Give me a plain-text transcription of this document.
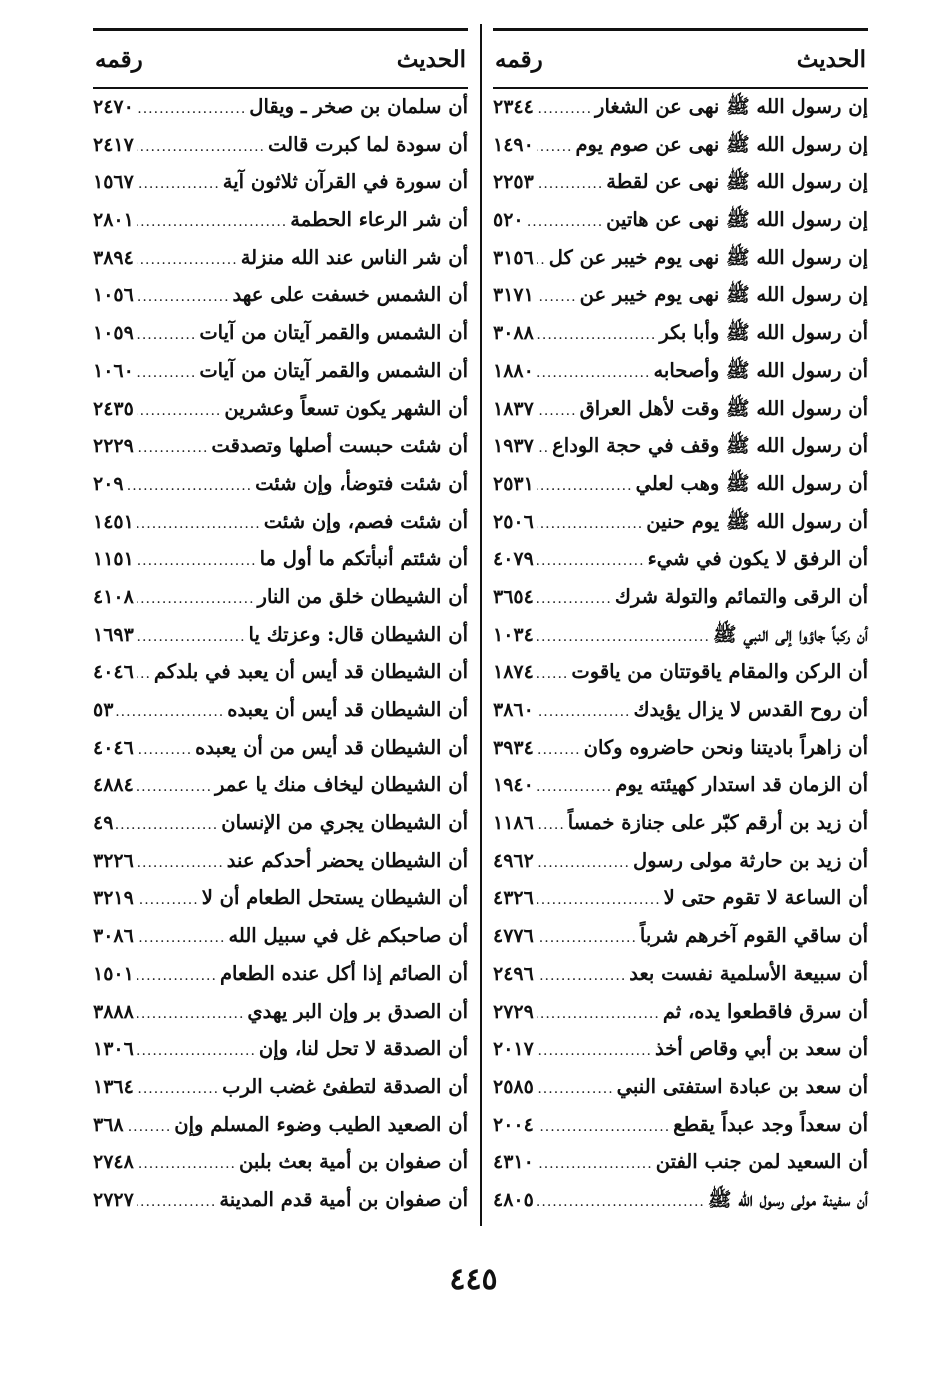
الحديث
رقمه
إن رسول الله ﷺ نهى عن الشغار
.....
٢٣٤٤
إن رسول الله ﷺ نهى عن صوم يوم
.....
١٤٩٠
إن رسول الله ﷺ نهى عن لقطة
.....
٢٢٥٣
إن رسول الله ﷺ نهى عن هاتين
.....
٥٢٠
إن رسول الله ﷺ نهى يوم خيبر عن كل
.....
٣١٥٦
إن رسول الله ﷺ نهى يوم خيبر عن
.....
٣١٧١
أن رسول الله ﷺ وأبا بكر
.....
٣٠٨٨
أن رسول الله ﷺ وأصحابه
.....
١٨٨٠
أن رسول الله ﷺ وقت لأهل العراق
.....
١٨٣٧
أن رسول الله ﷺ وقف في حجة الوداع
.....
١٩٣٧
أن رسول الله ﷺ وهب لعلي
.....
٢٥٣١
أن رسول الله ﷺ يوم حنين
.....
٢٥٠٦
أن الرفق لا يكون في شيء
.....
٤٠٧٩
أن الرقى والتمائم والتولة شرك
.....
٣٦٥٤
أن ركباً جاؤوا إلى النبي ﷺ
.....
١٠٣٤
أن الركن والمقام ياقوتتان من ياقوت
.....
١٨٧٤
أن روح القدس لا يزال يؤيدك
.....
٣٨٦٠
أن زاهراً باديتنا ونحن حاضروه وكان
.....
٣٩٣٤
أن الزمان قد استدار كهيئته يوم
.....
١٩٤٠
أن زيد بن أرقم كبّر على جنازة خمساً
.....
١١٨٦
أن زيد بن حارثة مولى رسول
.....
٤٩٦٢
أن الساعة لا تقوم حتى لا
.....
٤٣٢٦
أن ساقي القوم آخرهم شرباً
.....
٤٧٧٦
أن سبيعة الأسلمية نفست بعد
.....
٢٤٩٦
أن سرق فاقطعوا يده، ثم
.....
٢٧٢٩
أن سعد بن أبي وقاص أخذ
.....
٢٠١٧
أن سعد بن عبادة استفتى النبي
.....
٢٥٨٥
أن سعداً وجد عبداً يقطع
.....
٢٠٠٤
أن السعيد لمن جنب الفتن
.....
٤٣١٠
أن سفينة مولى رسول الله ﷺ
.....
٤٨٠٥
الحديث
رقمه
أن سلمان بن صخر ـ ويقال
.....
٢٤٧٠
أن سودة لما كبرت قالت
.....
٢٤١٧
أن سورة في القرآن ثلاثون آية
.....
١٥٦٧
أن شر الرعاء الحطمة
.....
٢٨٠١
أن شر الناس عند الله منزلة
.....
٣٨٩٤
أن الشمس خسفت على عهد
.....
١٠٥٦
أن الشمس والقمر آيتان من آيات
.....
١٠٥٩
أن الشمس والقمر آيتان من آيات
.....
١٠٦٠
أن الشهر يكون تسعاً وعشرين
.....
٢٤٣٥
أن شئت حبست أصلها وتصدقت
.....
٢٢٢٩
أن شئت فتوضأ، وإن شئت
.....
٢٠٩
أن شئت فصم، وإن شئت
.....
١٤٥١
أن شئتم أنبأتكم ما أول ما
.....
١١٥١
أن الشيطان خلق من النار
.....
٤١٠٨
أن الشيطان قال: وعزتك يا
.....
١٦٩٣
أن الشيطان قد أيس أن يعبد في بلدكم
.....
٤٠٤٦
أن الشيطان قد أيس أن يعبده
.....
٥٣
أن الشيطان قد أيس من أن يعبده
.....
٤٠٤٦
أن الشيطان ليخاف منك يا عمر
.....
٤٨٨٤
أن الشيطان يجري من الإنسان
.....
٤٩
أن الشيطان يحضر أحدكم عند
.....
٣٢٢٦
أن الشيطان يستحل الطعام أن لا
.....
٣٢١٩
أن صاحبكم غل في سبيل الله
.....
٣٠٨٦
أن الصائم إذا أكل عنده الطعام
.....
١٥٠١
أن الصدق بر وإن البر يهدي
.....
٣٨٨٨
أن الصدقة لا تحل لنا، وإن
.....
١٣٠٦
أن الصدقة لتطفئ غضب الرب
.....
١٣٦٤
أن الصعيد الطيب وضوء المسلم وإن
.....
٣٦٨
أن صفوان بن أمية بعث بلبن
.....
٢٧٤٨
أن صفوان بن أمية قدم المدينة
.....
٢٧٢٧
٤٤٥
